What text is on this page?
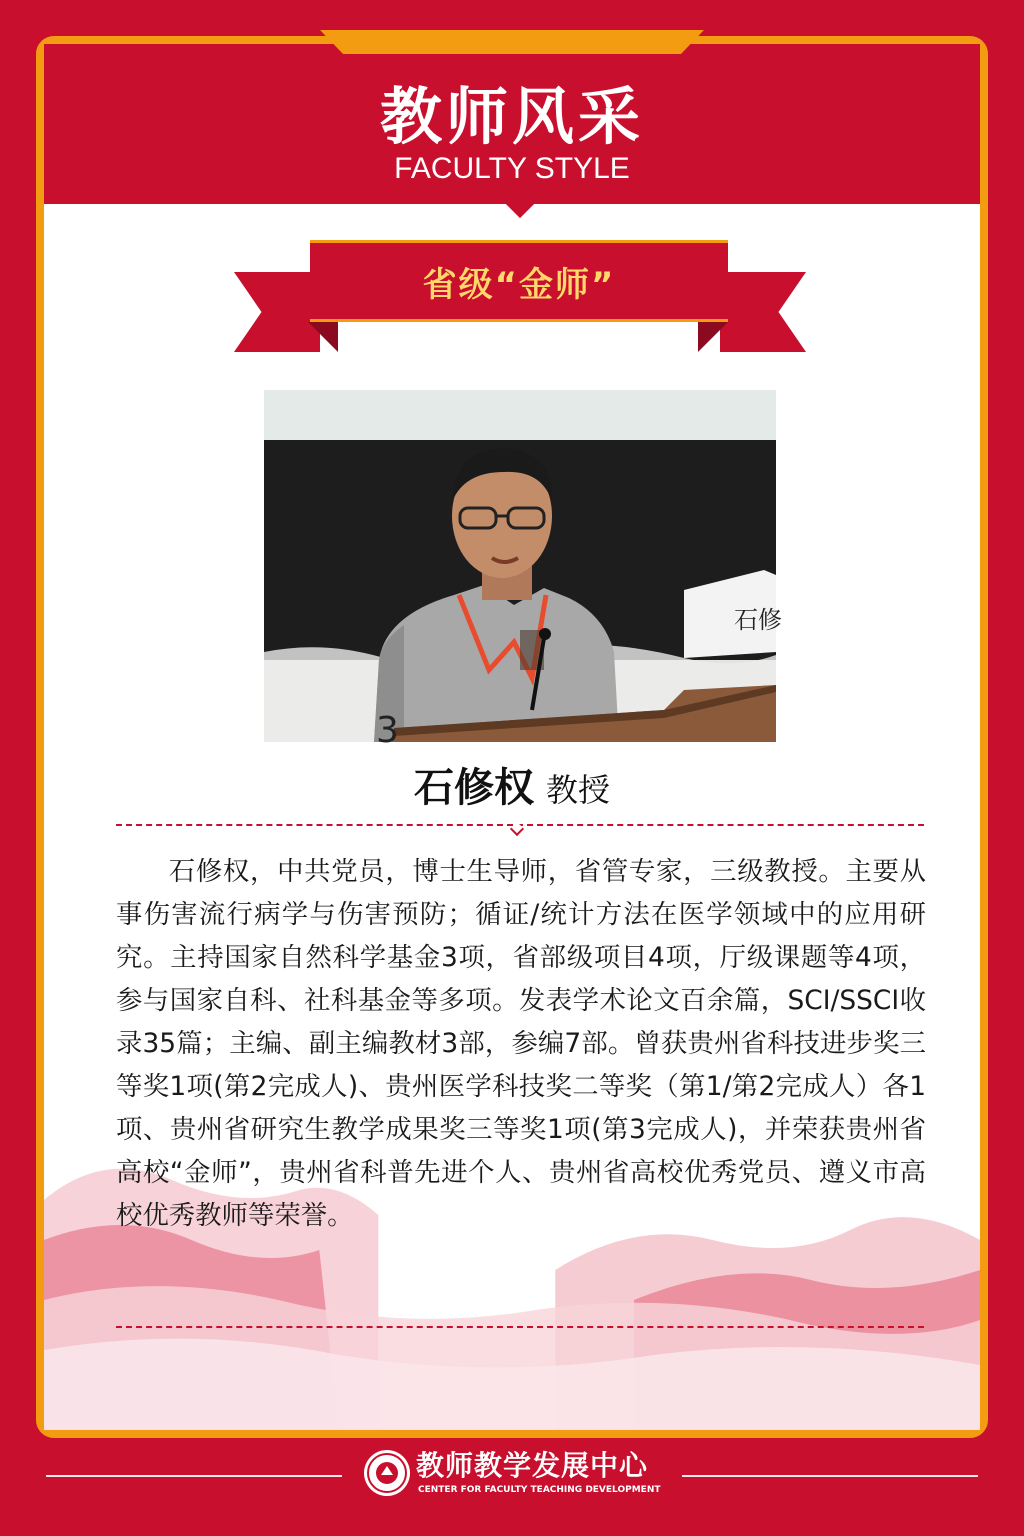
教师风采
FACULTY STYLE
省级“金师”
石修
3
石修权 教授

石修权，中共党员，博士生导师，省管专家，三级教授。主要从事伤害流行病学与伤害预防；循证/统计方法在医学领域中的应用研究。主持国家自然科学基金3项，省部级项目4项，厅级课题等4项，参与国家自科、社科基金等多项。发表学术论文百余篇，SCI/SSCI收录35篇；主编、副主编教材3部，参编7部。曾获贵州省科技进步奖三等奖1项(第2完成人)、贵州医学科技奖二等奖（第1/第2完成人）各1项、贵州省研究生教学成果奖三等奖1项(第3完成人)，并荣获贵州省高校“金师”，贵州省科普先进个人、贵州省高校优秀党员、遵义市高校优秀教师等荣誉。

教师教学发展中心
CENTER FOR FACULTY TEACHING DEVELOPMENT
